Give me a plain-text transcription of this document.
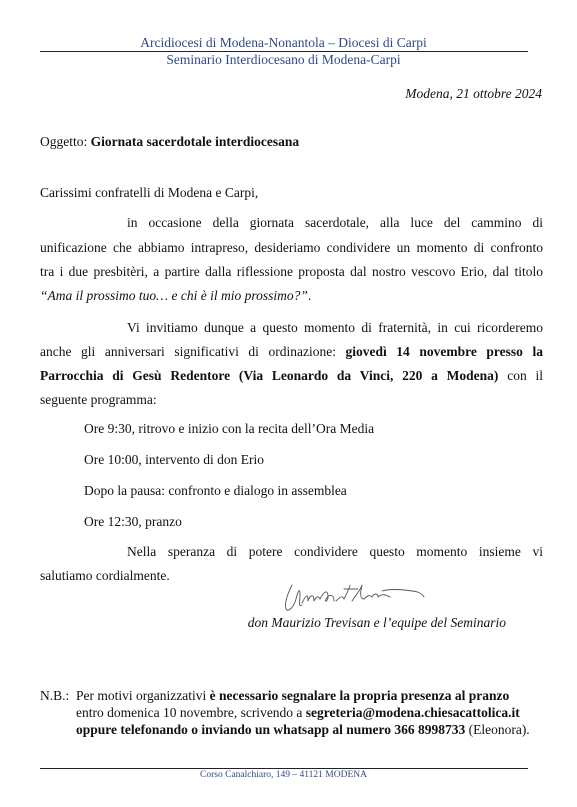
Arcidiocesi di Modena-Nonantola – Diocesi di Carpi
Seminario Interdiocesano di Modena-Carpi
Modena, 21 ottobre 2024
Oggetto: Giornata sacerdotale interdiocesana
Carissimi confratelli di Modena e Carpi,
in occasione della giornata sacerdotale, alla luce del cammino di
unificazione che abbiamo intrapreso, desideriamo condividere un momento di confronto
tra i due presbitèri, a partire dalla riflessione proposta dal nostro vescovo Erio, dal titolo
“Ama il prossimo tuo… e chi è il mio prossimo?”.
Vi invitiamo dunque a questo momento di fraternità, in cui ricorderemo
anche gli anniversari significativi di ordinazione: giovedì 14 novembre presso la
Parrocchia di Gesù Redentore (Via Leonardo da Vinci, 220 a Modena) con il
seguente programma:
Ore 9:30, ritrovo e inizio con la recita dell’Ora Media
Ore 10:00, intervento di don Erio
Dopo la pausa: confronto e dialogo in assemblea
Ore 12:30, pranzo
Nella speranza di potere condividere questo momento insieme vi
salutiamo cordialmente.
don Maurizio Trevisan e l’equipe del Seminario
N.B.: Per motivi organizzativi è necessario segnalare la propria presenza al pranzo
entro domenica 10 novembre, scrivendo a segreteria@modena.chiesacattolica.it
oppure telefonando o inviando un whatsapp al numero 366 8998733 (Eleonora).
Corso Canalchiaro, 149 – 41121 MODENA
